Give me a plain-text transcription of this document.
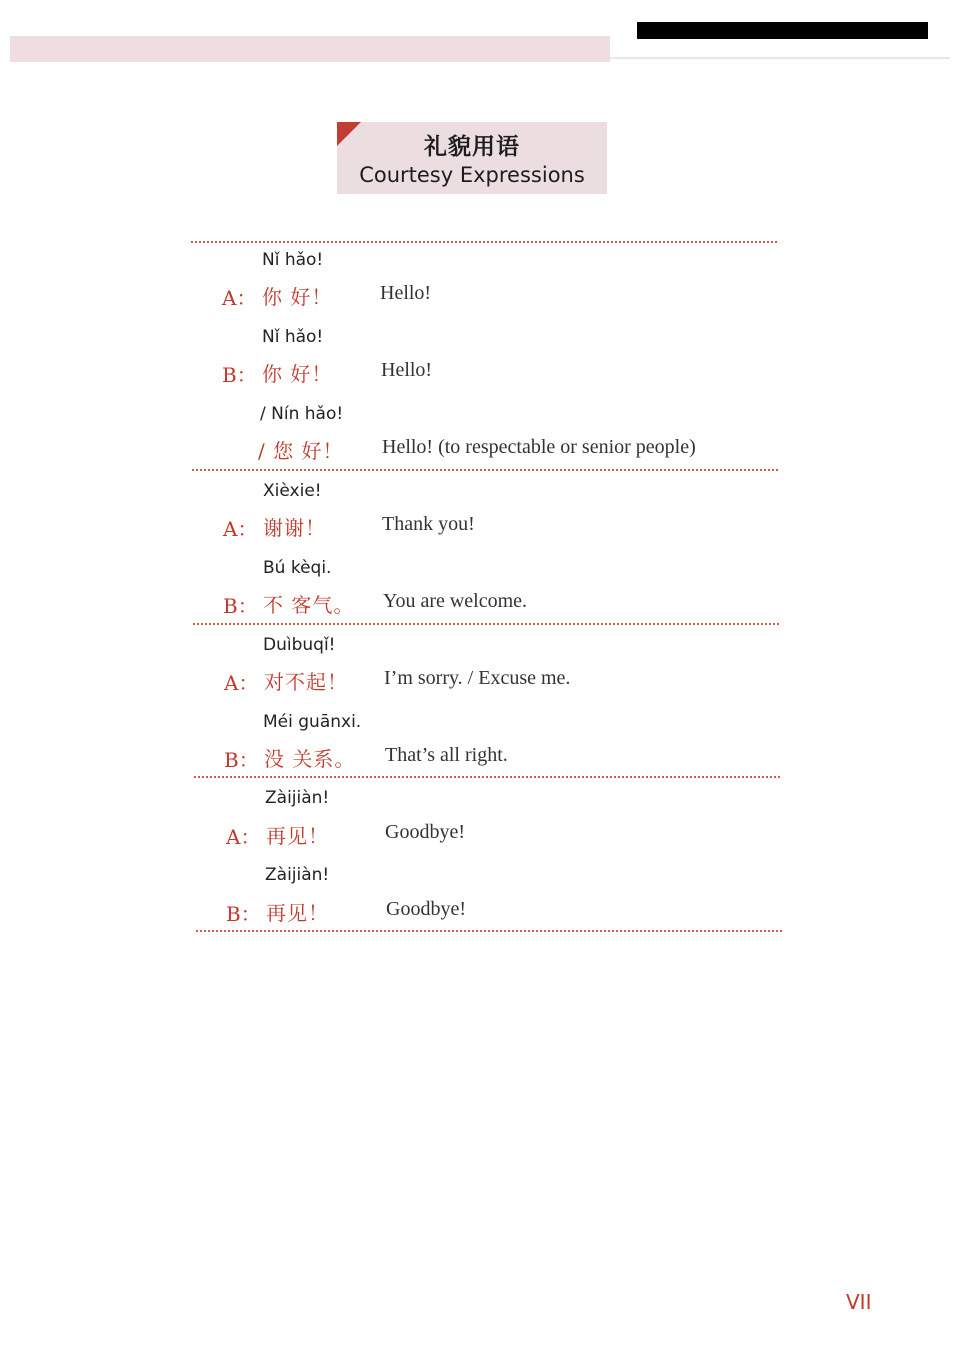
礼貌用语
Courtesy Expressions
Nǐ hǎo!
A： 你 好！ Hello!
Nǐ hǎo!
B： 你 好！ Hello!
/ Nín hǎo!
/ 您 好！ Hello! (to respectable or senior people)
Xièxie!
A： 谢谢！	Thank you!
Bú kèqi.
B： 不 客气。 You are welcome.
Duìbuqǐ!
A： 对不起！ I’m sorry. / Excuse me.
Méi guānxi.
B： 没 关系。 That’s all right.
Zàijiàn!
A： 再见！	Goodbye!
Zàijiàn!
B： 再见！	Goodbye!
VII
